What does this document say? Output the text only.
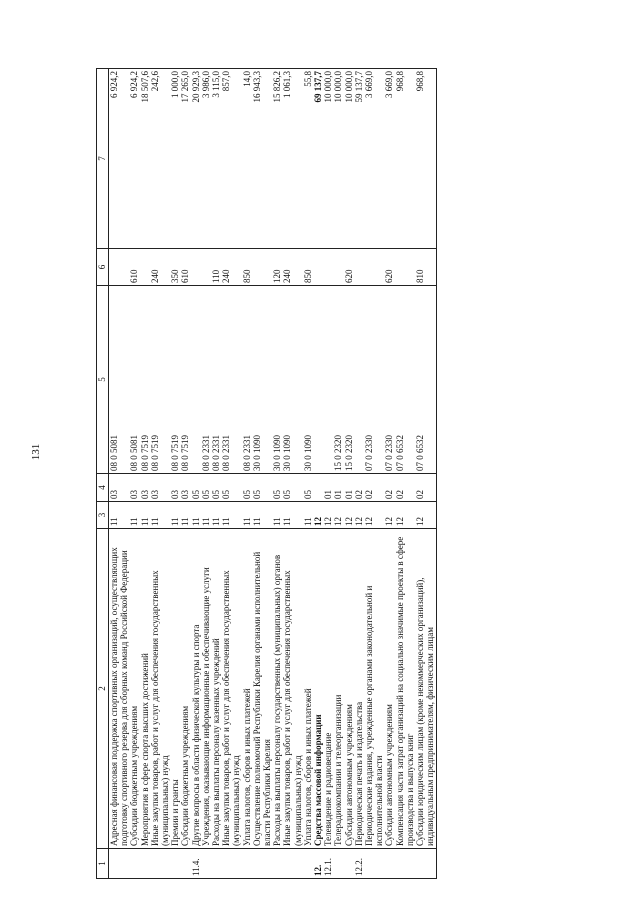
131
1	2	3	4	5	6	7
	Адресная финансовая поддержка спортивных организаций, осуществляющих подготовку спортивного резерва для сборных команд Российской Федерации	11	03	08 0 5081		6 924,2
	Субсидии бюджетным учреждениям	11	03	08 0 5081	610	6 924,2
	Мероприятия в сфере спорта высших достижений	11	03	08 0 7519		18 507,6
	Иные закупки товаров, работ и услуг для обеспечения государственных (муниципальных) нужд	11	03	08 0 7519	240	242,6
	Премии и гранты	11	03	08 0 7519	350	1 000,0
	Субсидии бюджетным учреждениям	11	03	08 0 7519	610	17 265,0
11.4.	Другие вопросы в области физической культуры и спорта	11	05			20 929,3
	Учреждения, оказывающие информационные и обеспечивающие услуги	11	05	08 0 2331		3 986,0
	Расходы на выплаты персоналу казенных учреждений	11	05	08 0 2331	110	3 115,0
	Иные закупки товаров, работ и услуг для обеспечения государственных (муниципальных) нужд	11	05	08 0 2331	240	857,0
	Уплата налогов, сборов и иных платежей	11	05	08 0 2331	850	14,0
	Осуществление полномочий Республики Карелия органами исполнительной власти Республики Карелия	11	05	30 0 1090		16 943,3
	Расходы на выплаты персоналу государственных (муниципальных) органов	11	05	30 0 1090	120	15 826,2
	Иные закупки товаров, работ и услуг для обеспечения государственных (муниципальных) нужд	11	05	30 0 1090	240	1 061,3
	Уплата налогов, сборов и иных платежей	11	05	30 0 1090	850	55,8
12.	Средства массовой информации	12				69 137,7
12.1.	Телевидение и радиовещание	12	01			10 000,0
	Телерадиокомпании и телеорганизации	12	01	15 0 2320		10 000,0
	Субсидии автономным учреждениям	12	01	15 0 2320	620	10 000,0
12.2.	Периодическая печать и издательства	12	02			59 137,7
	Периодические издания, учрежденные органами законодательной и исполнительной власти	12	02	07 0 2330		3 669,0
	Субсидии автономным учреждениям	12	02	07 0 2330	620	3 669,0
	Компенсация части затрат организаций на социально значимые проекты в сфере производства и выпуска книг	12	02	07 0 6532		968,8
	Субсидии юридическим лицам (кроме некоммерческих организаций), индивидуальным предпринимателям, физическим лицам	12	02	07 0 6532	810	968,8
